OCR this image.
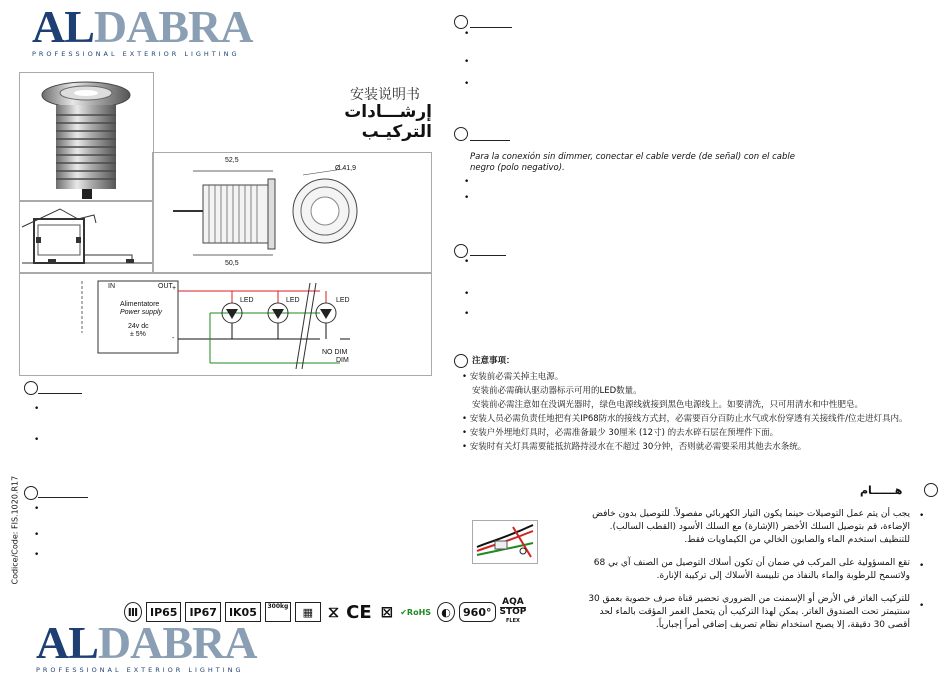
ALDABRA
PROFESSIONAL EXTERIOR LIGHTING
安装说明书
إرشـــادات التركيـب
52,5
Ø 41,9
50,5
IN	OUT
Alimentatore
Power supply
24v dc
± 5%
LED	LED	LED
+
-
NO DIM
DIM
•
•
•
•
•
Codice/Code: FIS.1020.R17
•
•
•
Para la conexión sin dimmer, conectar el cable verde (de señal) con el cable negro (polo negativo).
•
•
•
•
•
注意事项：
• 安装前必需关掉主电源。
安装前必需确认驱动器标示可用的LED数量。
安装前必需注意如在没调光器时，绿色电源线就接到黑色电源线上。如要清洗，只可用清水和中性肥皂。
• 安装人员必需负责任地把有关IP68防水的接线方式封，必需要百分百防止水气或水份穿透有关接线件/位走进灯具内。
• 安装户外埋地灯具时，必需准备最少 30厘米 (12寸) 的去水碎石层在预埋件下面。
• 安装时有关灯具需要能抵抗路持浸水在不超过 30分钟，否则就必需要采用其他去水条统。
هــــــام
يجب أن يتم عمل التوصيلات حينما يكون التيار الكهربائي مفصولاً. للتوصيل بدون خافض الإضاءة، قم بتوصيل السلك الأخضر (الإشارة) مع السلك الأسود (القطب السالب). للتنظيف استخدم الماء والصابون الخالي من الكيماويات فقط.
تقع المسؤولية على المركب في ضمان أن تكون أسلاك التوصيل من الصنف آي بي 68 ولاتسمح للرطوبة والماء بالنفاذ من تلبيسة الأسلاك إلى تركيبة الإنارة.
للتركيب الغاتر في الأرض أو الإسمنت من الضروري تحضير قناة صرف حصوية بعمق 30 سنتيمتر تحت الصندوق الغاتر. يمكن لهذا التركيب أن يتحمل الغمر المؤقت بالماء لحد أقصى 30 دقيقة، إلا يصبح استخدام نظام تصريف إضافي أمراً إجبارياً.
•
•
•
Ⅲ	IP65	IP67	IK05	300kg	▦ ⧖ CE ⊠ ✔RoHS ◐	960°
AQA
STOP
FLEX
ALDABRA
PROFESSIONAL EXTERIOR LIGHTING
